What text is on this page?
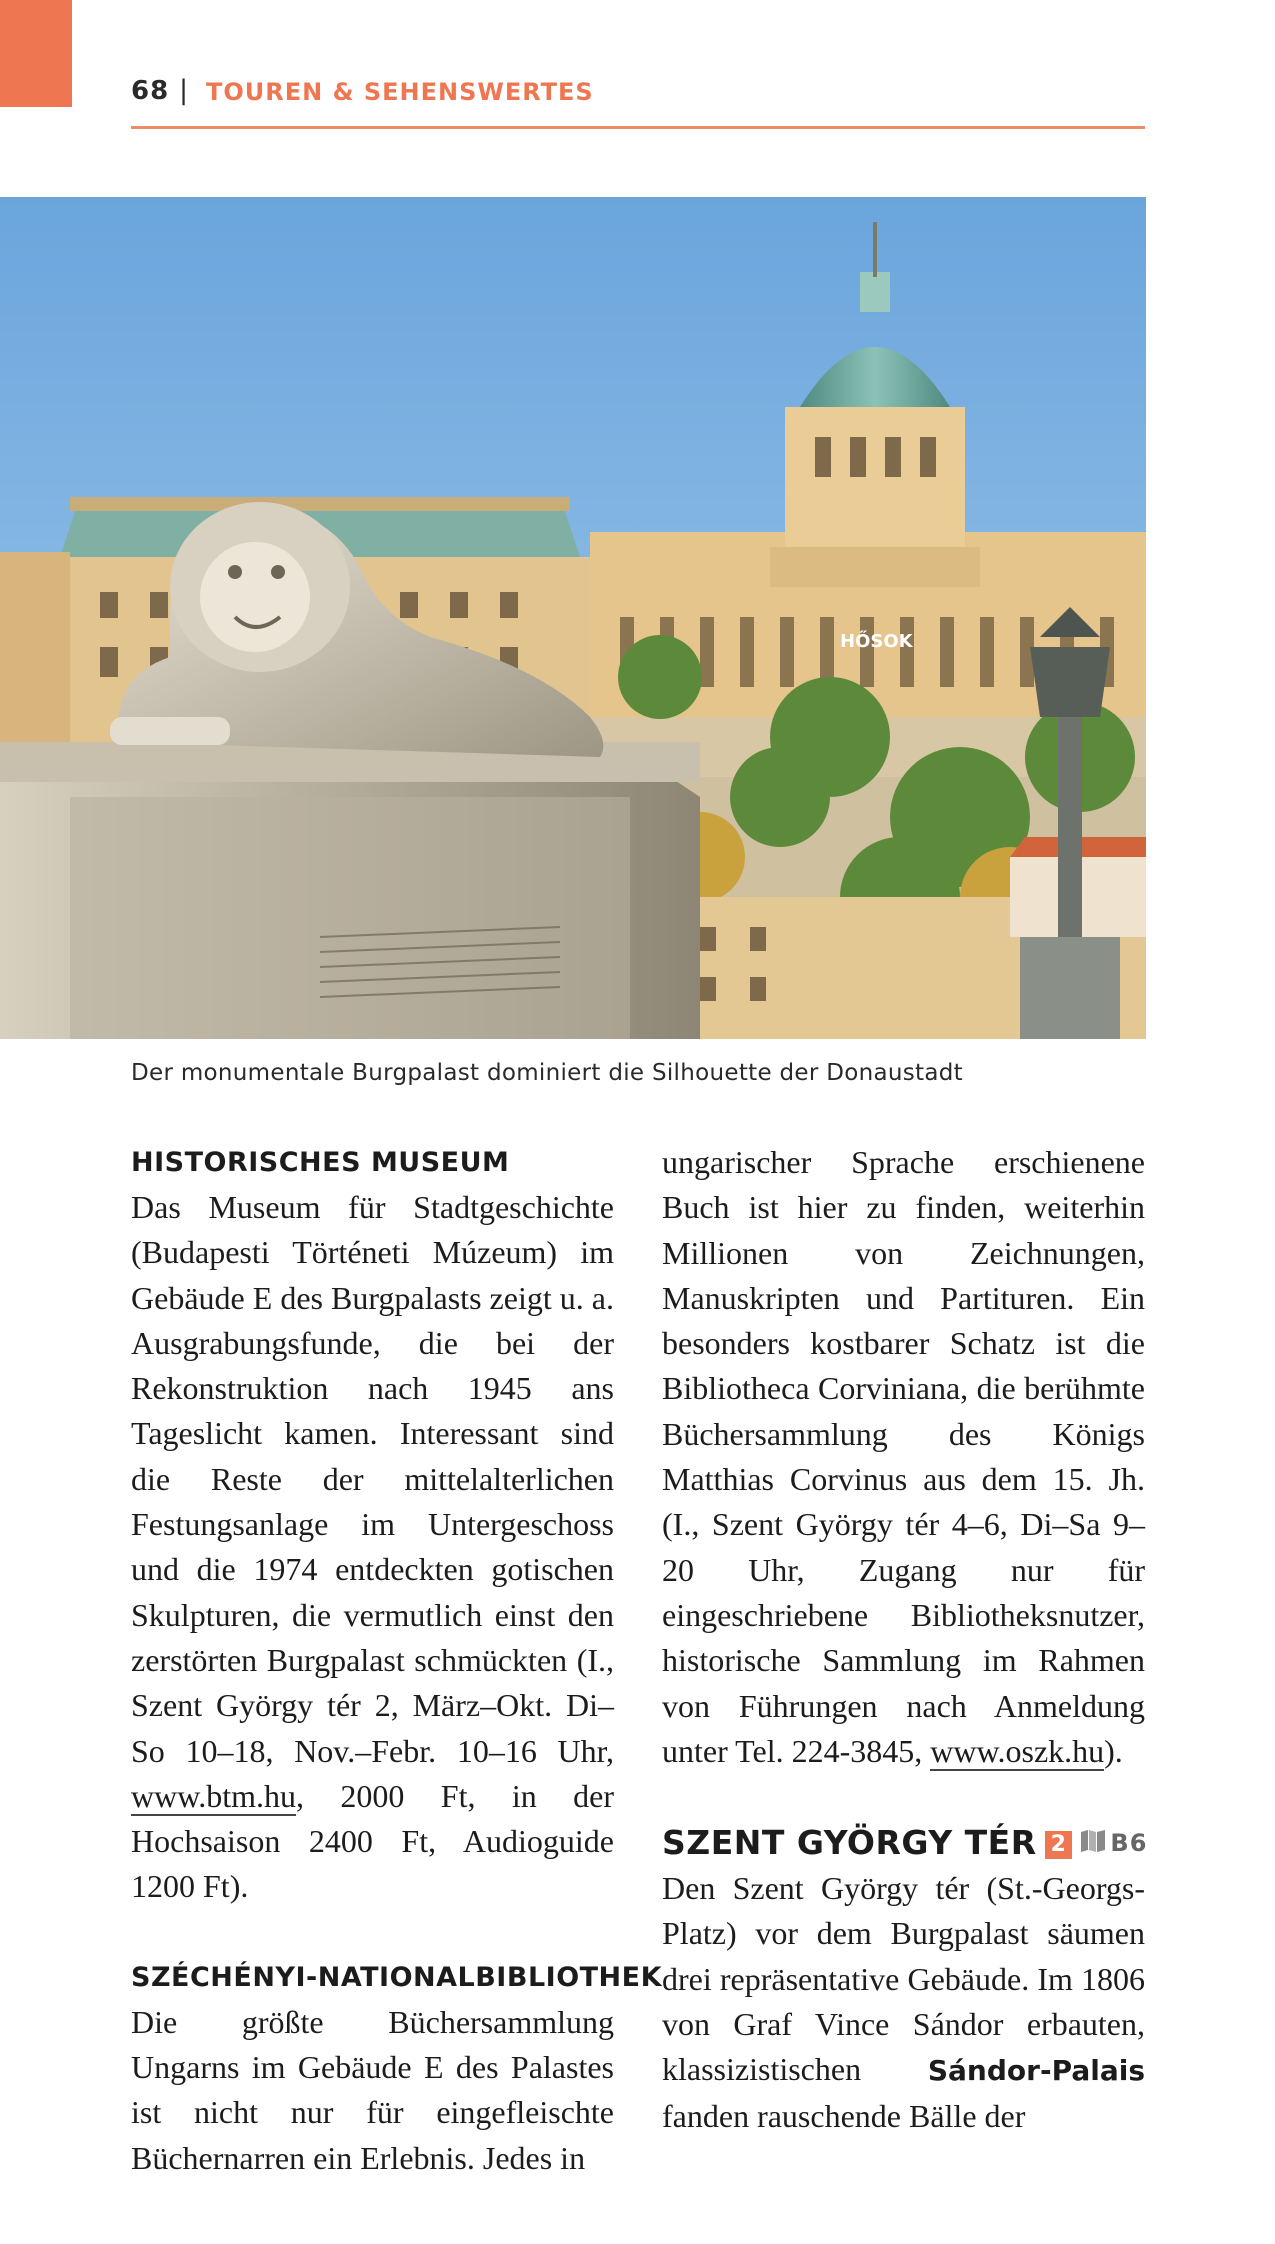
68 | TOUREN & SEHENSWERTES
HŐSOK
Der monumentale Burgpalast dominiert die Silhouette der Donaustadt
HISTORISCHES MUSEUM
Das Museum für Stadtgeschichte (Budapesti Történeti Múzeum) im Gebäude E des Burgpalasts zeigt u. a. Ausgrabungsfunde, die bei der Rekonstruktion nach 1945 ans Tageslicht kamen. Interessant sind die Reste der mittelalterlichen Festungsanlage im Untergeschoss und die 1974 entdeckten gotischen Skulpturen, die vermutlich einst den zerstörten Burgpalast schmückten (I., Szent György tér 2, März–Okt. Di–So 10–18, Nov.–Febr. 10–16 Uhr, www.btm.hu, 2000 Ft, in der Hochsaison 2400 Ft, Audioguide 1200 Ft).
SZÉCHÉNYI-NATIONALBIBLIOTHEK
Die größte Büchersammlung Ungarns im Gebäude E des Palastes ist nicht nur für eingefleischte Büchernarren ein Erlebnis. Jedes in
ungarischer Sprache erschienene Buch ist hier zu finden, weiterhin Millionen von Zeichnungen, Manuskripten und Partituren. Ein besonders kostbarer Schatz ist die Bibliotheca Corviniana, die berühmte Büchersammlung des Königs Matthias Corvinus aus dem 15. Jh. (I., Szent György tér 4–6, Di–Sa 9–20 Uhr, Zugang nur für eingeschriebene Bibliotheksnutzer, historische Sammlung im Rahmen von Führungen nach Anmeldung unter Tel. 224-3845, www.oszk.hu).
SZENT GYÖRGY TÉR 2 B6
Den Szent György tér (St.-Georgs-Platz) vor dem Burgpalast säumen drei repräsentative Gebäude. Im 1806 von Graf Vince Sándor erbauten, klassizistischen Sándor-Palais fanden rauschende Bälle der
